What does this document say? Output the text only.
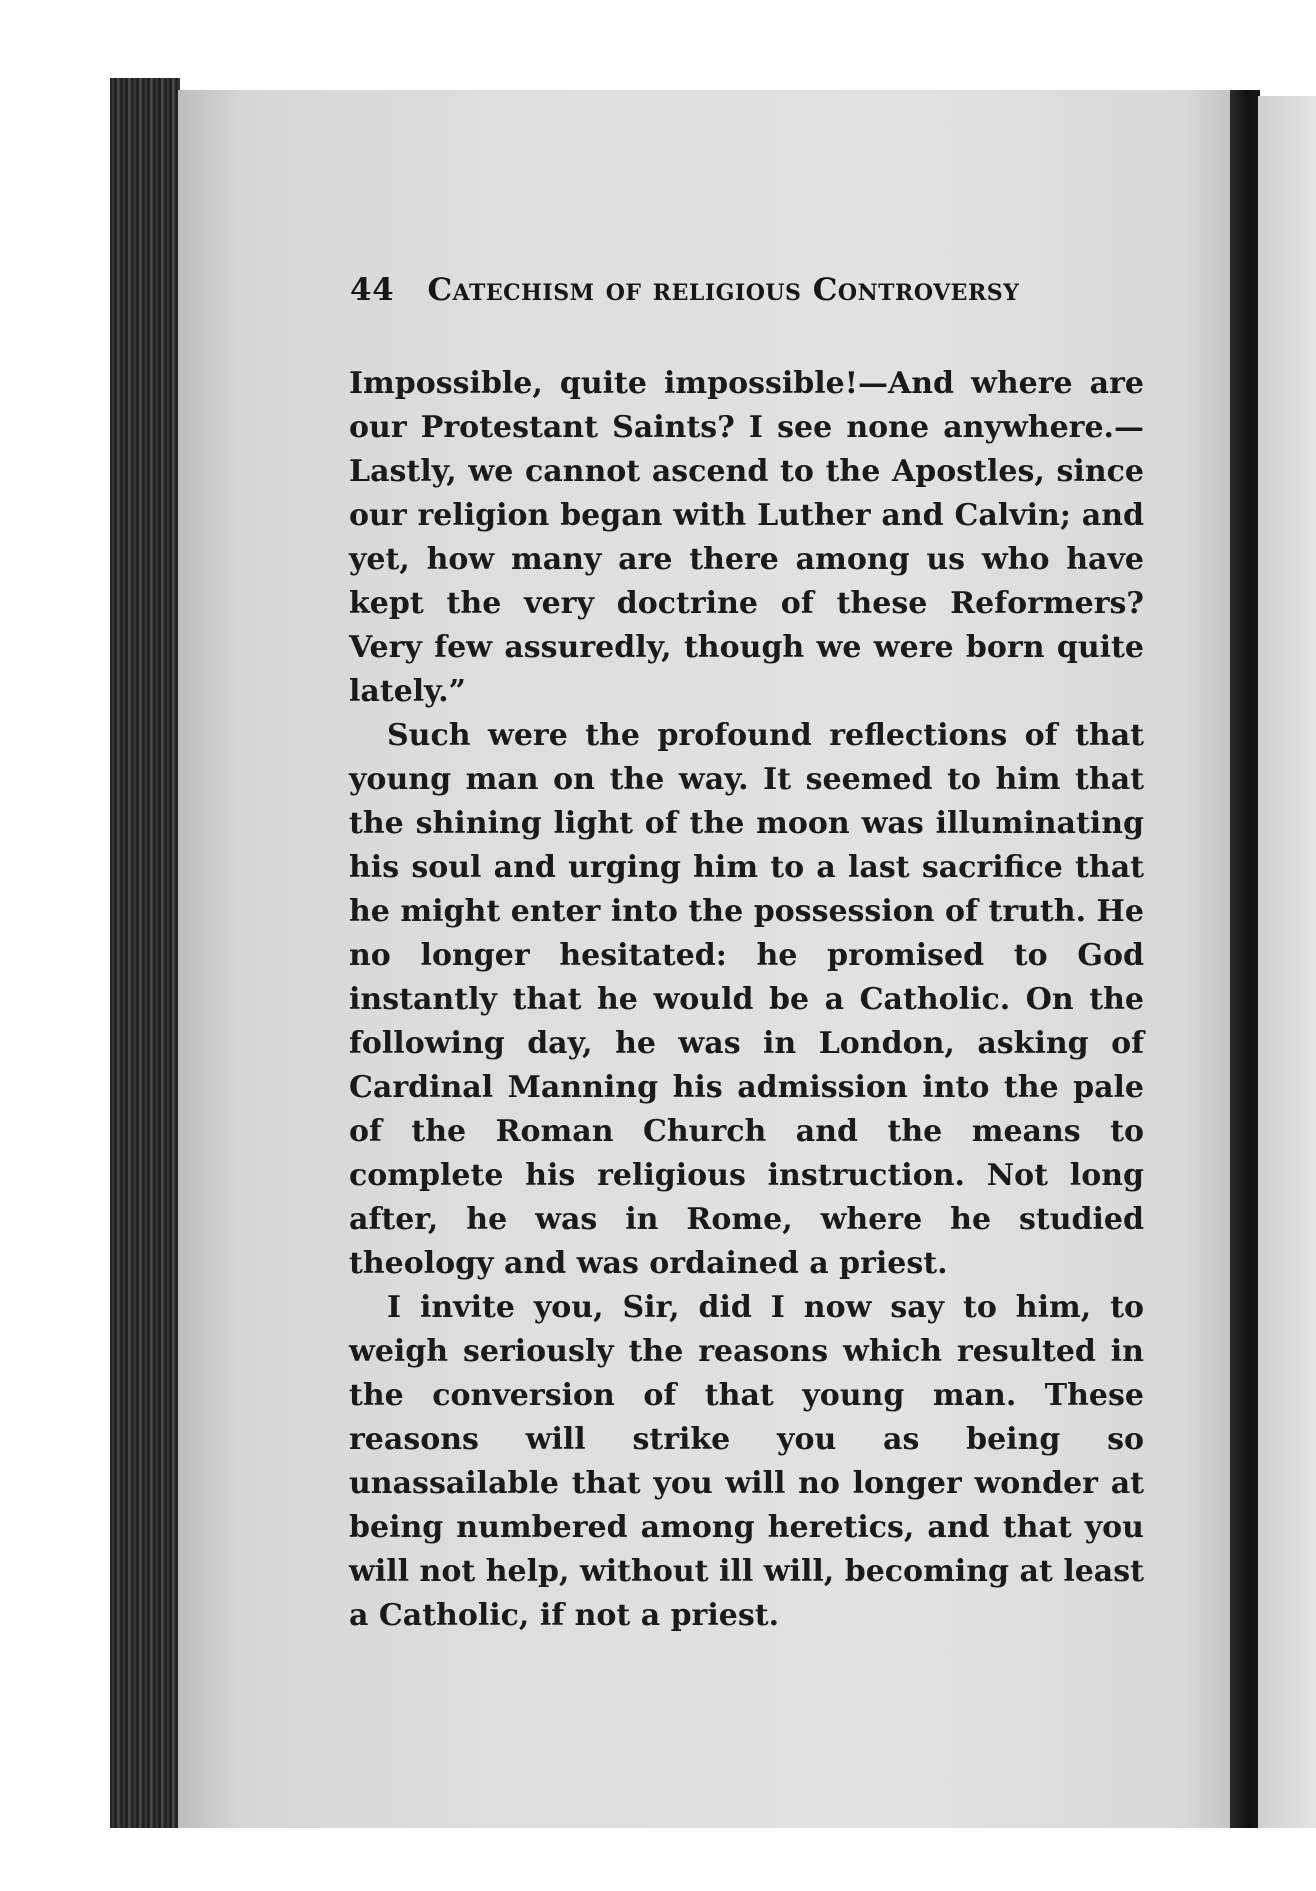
44 Catechism of religious Controversy

Impossible, quite impossible!—And where are our Protestant Saints? I see none anywhere.— Lastly, we cannot ascend to the Apostles, since our religion began with Luther and Calvin; and yet, how many are there among us who have kept the very doctrine of these Reformers? Very few assuredly, though we were born quite lately.”

Such were the profound reflections of that young man on the way. It seemed to him that the shining light of the moon was illuminating his soul and urging him to a last sacrifice that he might enter into the possession of truth. He no longer hesitated: he promised to God instantly that he would be a Catholic. On the following day, he was in London, asking of Cardinal Manning his admission into the pale of the Roman Church and the means to complete his religious instruction. Not long after, he was in Rome, where he studied theology and was ordained a priest.

I invite you, Sir, did I now say to him, to weigh seriously the reasons which resulted in the conversion of that young man. These reasons will strike you as being so unassailable that you will no longer wonder at being numbered among heretics, and that you will not help, without ill will, becoming at least a Catholic, if not a priest.
